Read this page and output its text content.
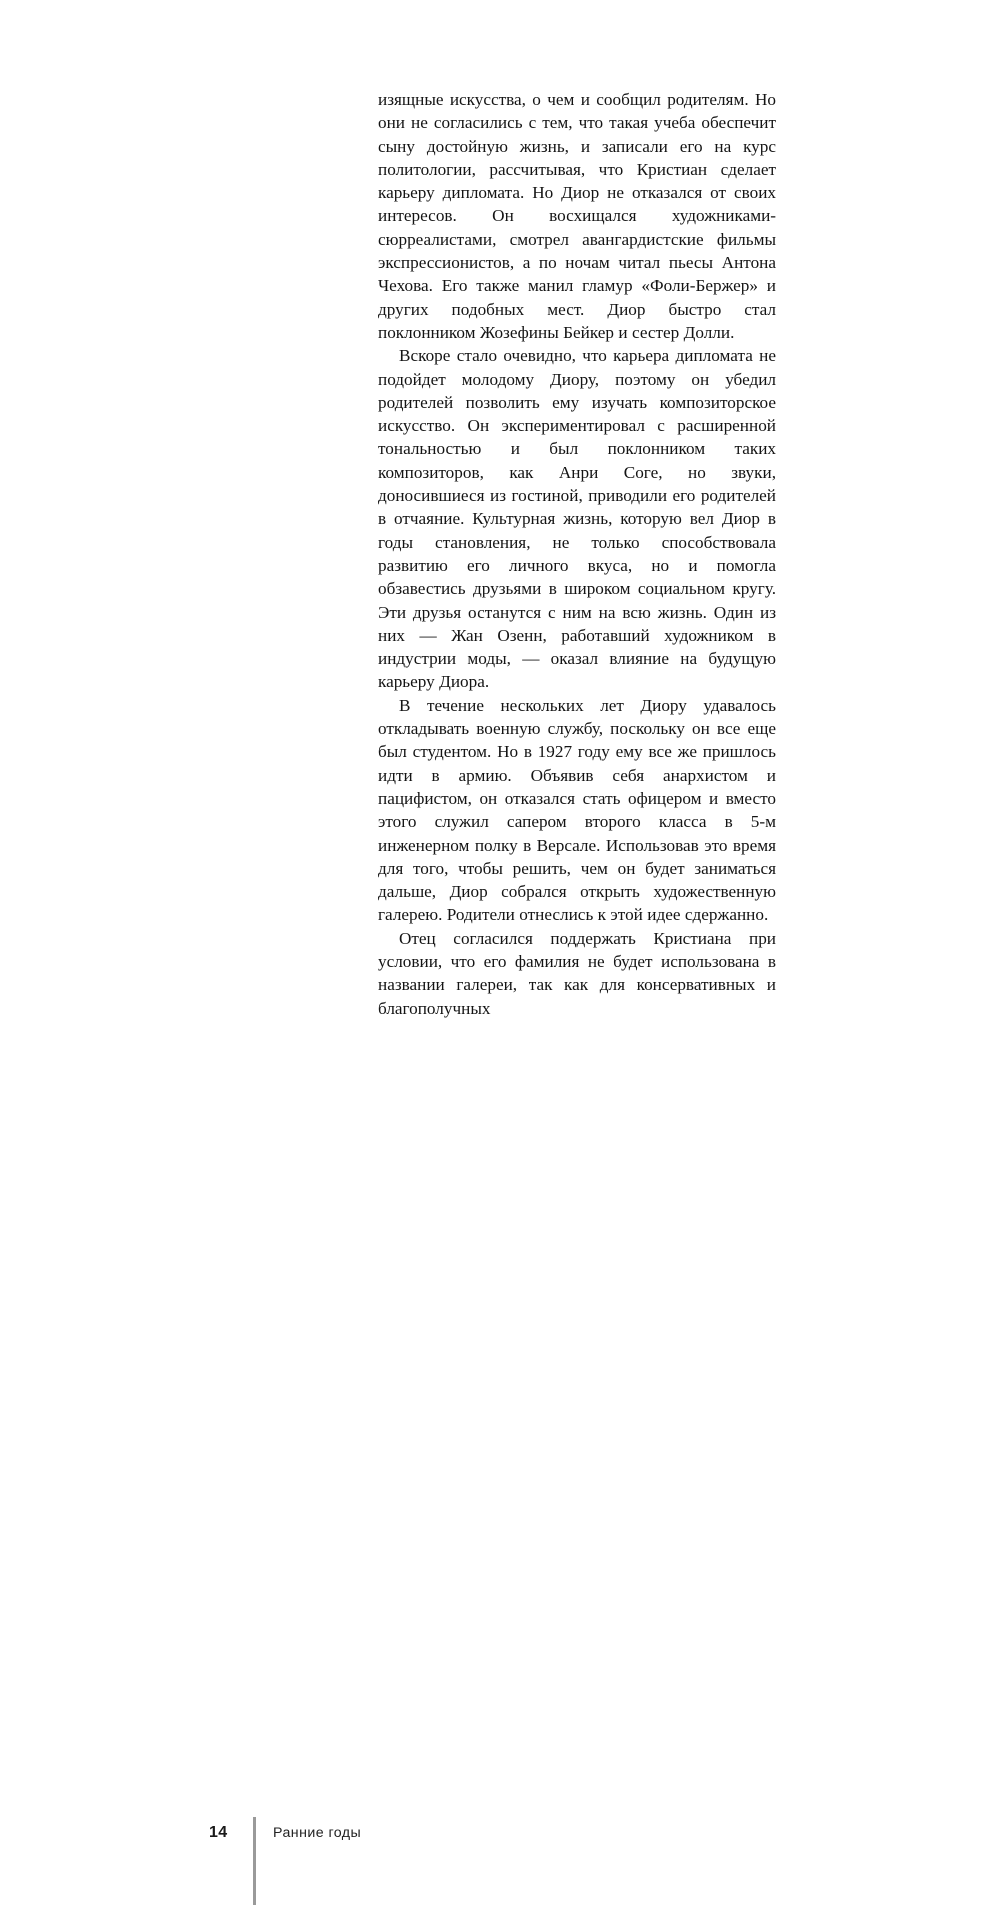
изящные искусства, о чем и сообщил родителям. Но они не согласились с тем, что такая учеба обеспечит сыну достойную жизнь, и записали его на курс политологии, рассчитывая, что Кристиан сделает карьеру дипломата. Но Диор не отказался от своих интересов. Он восхищался художниками-сюрреалистами, смотрел авангардистские фильмы экспрессионистов, а по ночам читал пьесы Антона Чехова. Его также манил гламур «Фоли-Бержер» и других подобных мест. Диор быстро стал поклонником Жозефины Бейкер и сестер Долли.

Вскоре стало очевидно, что карьера дипломата не подойдет молодому Диору, поэтому он убедил родителей позволить ему изучать композиторское искусство. Он экспериментировал с расширенной тональностью и был поклонником таких композиторов, как Анри Соге, но звуки, доносившиеся из гостиной, приводили его родителей в отчаяние. Культурная жизнь, которую вел Диор в годы становления, не только способствовала развитию его личного вкуса, но и помогла обзавестись друзьями в широком социальном кругу. Эти друзья останутся с ним на всю жизнь. Один из них — Жан Озенн, работавший художником в индустрии моды, — оказал влияние на будущую карьеру Диора.

В течение нескольких лет Диору удавалось откладывать военную службу, поскольку он все еще был студентом. Но в 1927 году ему все же пришлось идти в армию. Объявив себя анархистом и пацифистом, он отказался стать офицером и вместо этого служил сапером второго класса в 5-м инженерном полку в Версале. Использовав это время для того, чтобы решить, чем он будет заниматься дальше, Диор собрался открыть художественную галерею. Родители отнеслись к этой идее сдержанно.

Отец согласился поддержать Кристиана при условии, что его фамилия не будет использована в названии галереи, так как для консервативных и благополучных

14	Ранние годы
